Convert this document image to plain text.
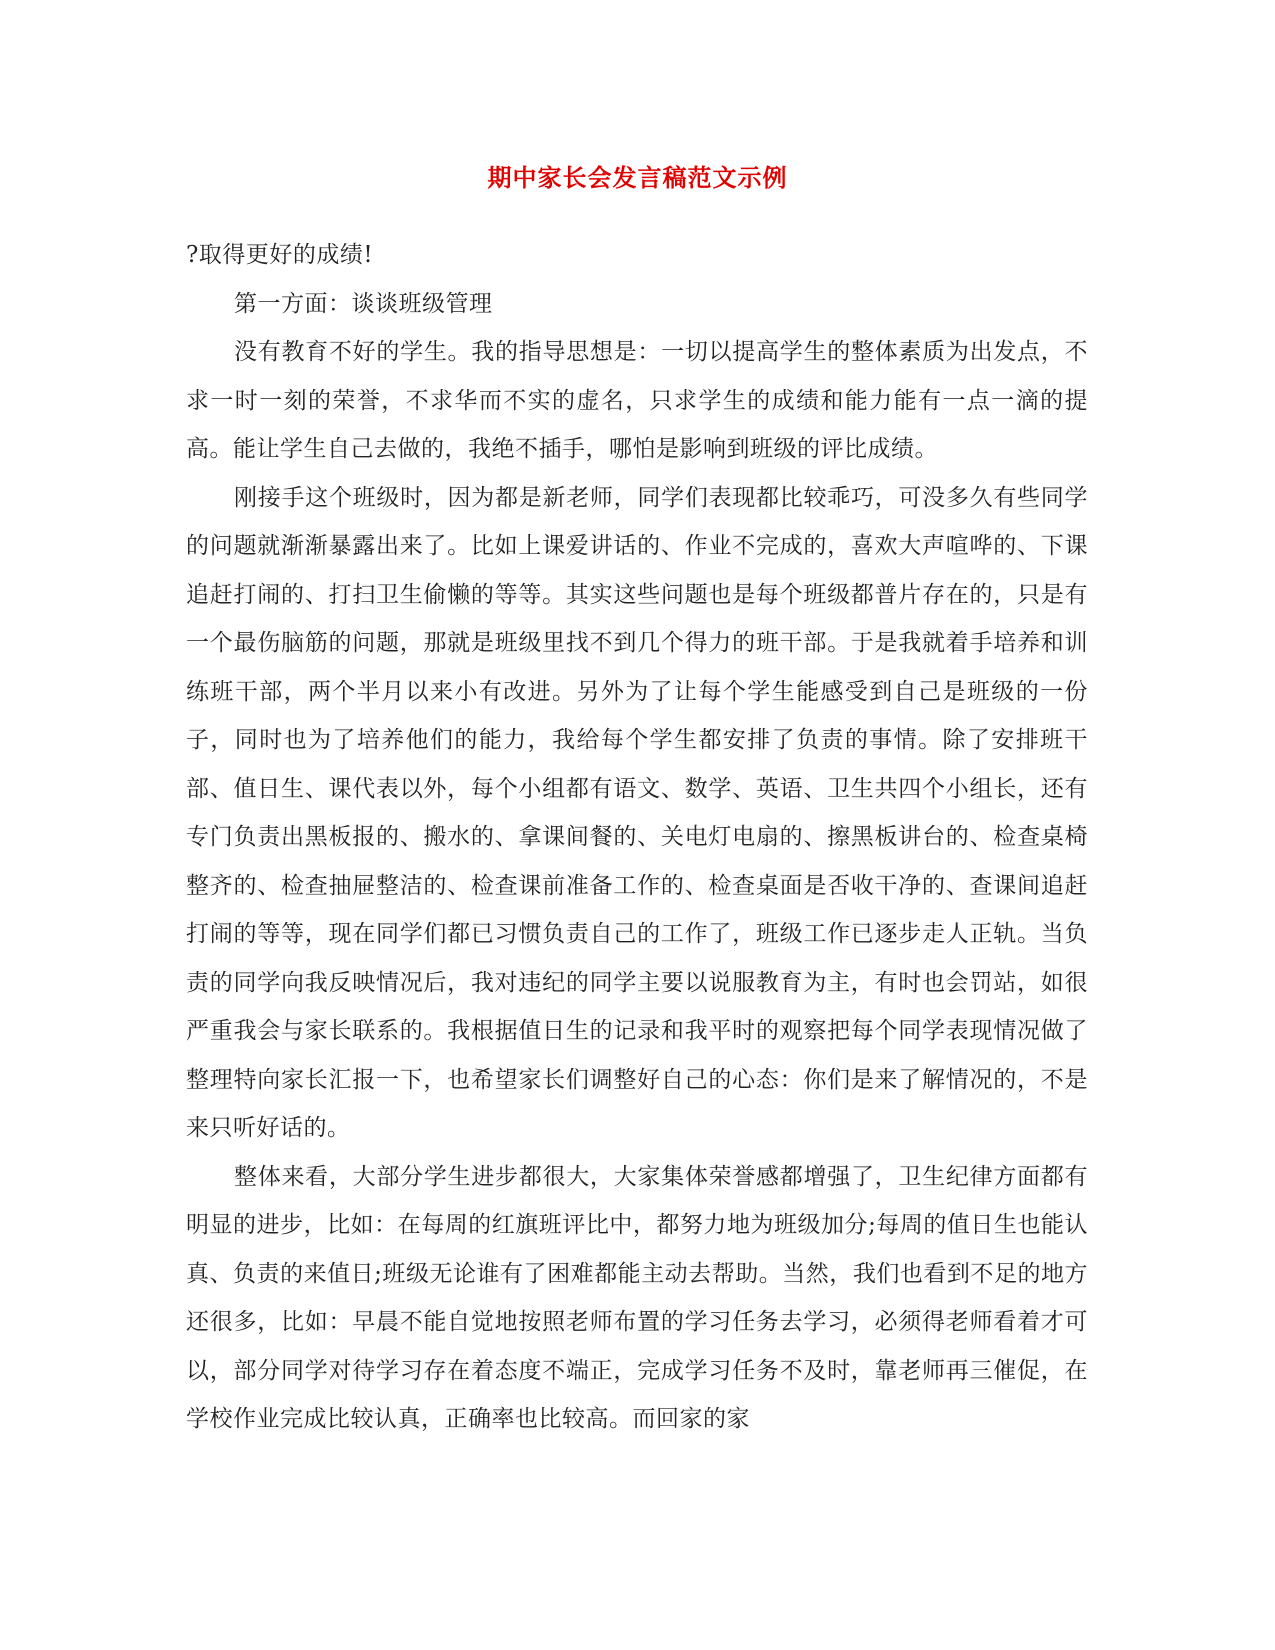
期中家长会发言稿范文示例

?取得更好的成绩!

第一方面：谈谈班级管理

没有教育不好的学生。我的指导思想是：一切以提高学生的整体素质为出发点，不求一时一刻的荣誉，不求华而不实的虚名，只求学生的成绩和能力能有一点一滴的提高。能让学生自己去做的，我绝不插手，哪怕是影响到班级的评比成绩。

刚接手这个班级时，因为都是新老师，同学们表现都比较乖巧，可没多久有些同学的问题就渐渐暴露出来了。比如上课爱讲话的、作业不完成的，喜欢大声喧哗的、下课追赶打闹的、打扫卫生偷懒的等等。其实这些问题也是每个班级都普片存在的，只是有一个最伤脑筋的问题，那就是班级里找不到几个得力的班干部。于是我就着手培养和训练班干部，两个半月以来小有改进。另外为了让每个学生能感受到自己是班级的一份子，同时也为了培养他们的能力，我给每个学生都安排了负责的事情。除了安排班干部、值日生、课代表以外，每个小组都有语文、数学、英语、卫生共四个小组长，还有专门负责出黑板报的、搬水的、拿课间餐的、关电灯电扇的、擦黑板讲台的、检查桌椅整齐的、检查抽屉整洁的、检查课前准备工作的、检查桌面是否收干净的、查课间追赶打闹的等等，现在同学们都已习惯负责自己的工作了，班级工作已逐步走人正轨。当负责的同学向我反映情况后，我对违纪的同学主要以说服教育为主，有时也会罚站，如很严重我会与家长联系的。我根据值日生的记录和我平时的观察把每个同学表现情况做了整理特向家长汇报一下，也希望家长们调整好自己的心态：你们是来了解情况的，不是来只听好话的。

整体来看，大部分学生进步都很大，大家集体荣誉感都增强了，卫生纪律方面都有明显的进步，比如：在每周的红旗班评比中，都努力地为班级加分;每周的值日生也能认真、负责的来值日;班级无论谁有了困难都能主动去帮助。当然，我们也看到不足的地方还很多，比如：早晨不能自觉地按照老师布置的学习任务去学习，必须得老师看着才可以，部分同学对待学习存在着态度不端正，完成学习任务不及时，靠老师再三催促，在学校作业完成比较认真，正确率也比较高。而回家的家
